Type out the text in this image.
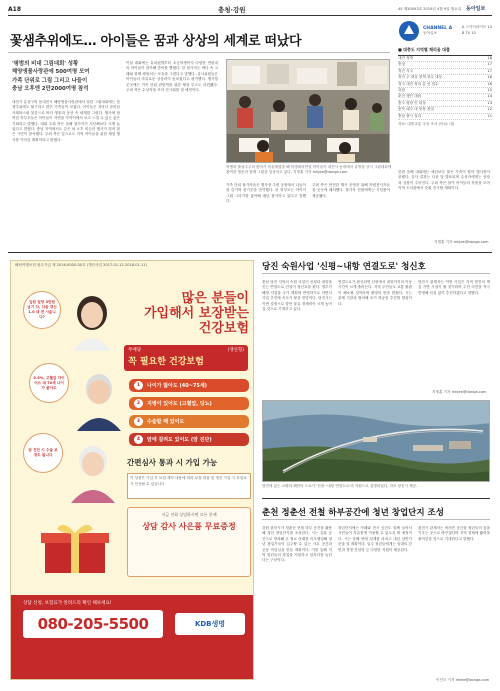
A18	충청·강원	45 제30093호 2016년 4월 9일 월요일 동아일보
꽃샘추위에도… 아이들은 꿈과 상상의 세계로 떠났다
'평범의 비대 그림대회' 성황
해양생물사랑관에 500여명 모여
가족 단위로 그림 그리고 나들이
충남 오후엔 2만2000여명 참석
대전시 유성구의 동대전시 해양생물사랑관에서 열린 그림대회에는 꽃샘추위에도 불구하고 많은 가족들이 모였다. 아이들은 저마다 준비한 크레파스와 물감으로 바다 생물과 상상 속 세계를 그렸다. 행사에 참여한 학부모들은 아이들이 자연을 가까이에서 보고 느낄 수 있는 좋은 기회라고 말했다. 대회 주최 측은 올해 참가자가 지난해보다 크게 늘었다고 밝혔다. 충남 지역에서도 같은 날 오후 비슷한 행사가 열려 많은 시민이 참석했다. 주최 측은 앞으로도 지역 아이들을 위한 체험 행사를 이어갈 계획이라고 밝혔다.
이날 대회에는 유치원생부터 초등학생까지 다양한 연령대의 아이들이 참가해 솜씨를 뽐냈다. 한 참가자는 바다 속 고래와 함께 헤엄치는 모습을 그렸다고 말했다. 심사위원들은 아이들의 자유로운 상상력이 돋보였다고 평가했다. 행사장 곳곳에는 가족 단위 관람객을 위한 체험 부스도 마련됐다. 주최 측은 수상작을 모아 전시회를 열 예정이다.
학생과 출날주주러 찾아가 미술체험을 해 학생대처반설 아이들이 대전시 동대에서 유명을 상시 그림대화에 참여한 생운과 함께 그림을 앙상하고 있다. 지명훈 기자 mhjee@donga.com
가족 단위 참가자들은 행사장 주변 공원에서 나들이를 즐기며 봄기운을 만끽했다. 한 학부모는 아이가 그림 그리기를 좋아해 매년 참가하고 있다고 말했다.
주최 측은 안전한 행사 운영을 위해 자원봉사자들을 곳곳에 배치했다. 참가자 전원에게는 기념품이 제공됐다.
한편 올해 대회에는 예년보다 많은 가족이 찾아 행사장이 붐볐다. 심사 결과는 다음 달 발표되며 수상자에게는 상장과 상품이 주어진다. 주최 측은 참가 아이들의 작품을 모아 지역 도서관에서 순회 전시할 계획이다.
지명훈 기자 mhjee@donga.com
CHANNEL A
동아일보
A 스카이라이프 13
B TV 10
■ 대충도 지역별 채리움 대출
대전 정계	18
충청	17
정진 지국	17
정진 주 대상 정책 장수 대상	16
청국 대전 정치 총 선 점수	16
강원	15
춘천 행인 대원	14
충주 평장 인 대상	13
충북 매주 대 당장 정밀	12
충남 출시 설리	11
자료: 대중교통 국장 조사 (단위: 대)
해외여행보험 원수가입 제 2016-0000-00호 (개인사업 2017.01.12-2018.01.11)
많은 분들이
가입해서 보장받는
건강보험
무배당
꼭 필요한 건강보험
(갱신형)
입원 일당 3만원 남기 다, 다음 갱신 1.0 대 전 시술니다?
5.5%, 고혈압 자이어스 대 70세 나이가 좋아도
암 진단 시 수술 보장도 됩니다
1	나이가 많아도 (40~75세)
2	지병이 있어도 (고혈압, 당뇨)
3	수술할 때 있어도
4	암에 걸려도 있어도 (암 진단)
간편심사 통과 시 가입 가능
이 상품은 가입 후 보험 계약 내용에 따라 보장 내용 및 갱신 가입 시 보험료가 인상될 수 있습니다
지금 전화 상담하시면 모든 분께
상담 감사 사은품 무료증정
상담 신청, 보험료가 알려드리 확인 해보세요!
080-205-5500	KDB생명
당진 숙원사업 '신평~내항 연결도로' 청신호
충남 당진 지역의 숙원 사업인 신평과 내항을 잇는 연결도로 건설이 청신호를 켰다. 정부가 해당 사업을 국가 계획에 반영하기로 하면서 사업 추진에 속도가 붙을 전망이다. 당진시는 이번 결정으로 항만 물류 경쟁력이 크게 높아질 것으로 기대하고 있다.
연결도로가 완공되면 신평에서 내항까지의 이동 시간이 크게 줄어든다. 지역 주민들도 교통 불편이 해소될 것이라며 환영의 뜻을 밝혔다. 시는 관계 기관과 협의해 조기 착공을 추진할 방침이다.
당진시 관계자는 이번 사업은 지역 발전의 핵심 기반 시설이 될 것이라며 주민 의견을 적극 반영해 차질 없이 추진하겠다고 말했다.
지명훈 기자 mhjee@donga.com
당진에 있는 교량과 해안의 도로가 '신평~내항 연결도로'의 지원으로 설명되었다. 자료 당진시 제공.
춘천 정춘선 전철 하부공간에 청년 창업단지 조성
강원 춘천시가 경춘선 전철 하부 공간을 활용해 청년 창업단지를 조성한다. 시는 유휴 공간으로 방치돼 온 철로 아래를 리모델링해 청년 창업가들이 입주할 수 있는 사무 공간과 공동 작업실을 만들 계획이다. 이를 통해 지역 청년들의 창업을 지원하고 일자리를 늘린다는 구상이다.
창업단지에는 카페와 전시 공간도 함께 들어서 시민들이 자유롭게 이용할 수 있도록 할 예정이다. 시는 올해 안에 설계를 마치고 내년 상반기 문을 열 계획이다. 입주 청년들에게는 임대료 감면과 경영 컨설팅 등 다양한 지원이 제공된다.
춘천시 관계자는 버려진 공간을 청년들의 꿈을 키우는 곳으로 바꾸겠다며 지역 경제에 활력을 불어넣을 것으로 기대한다고 말했다.
이인모 기자 imlee@donga.com
